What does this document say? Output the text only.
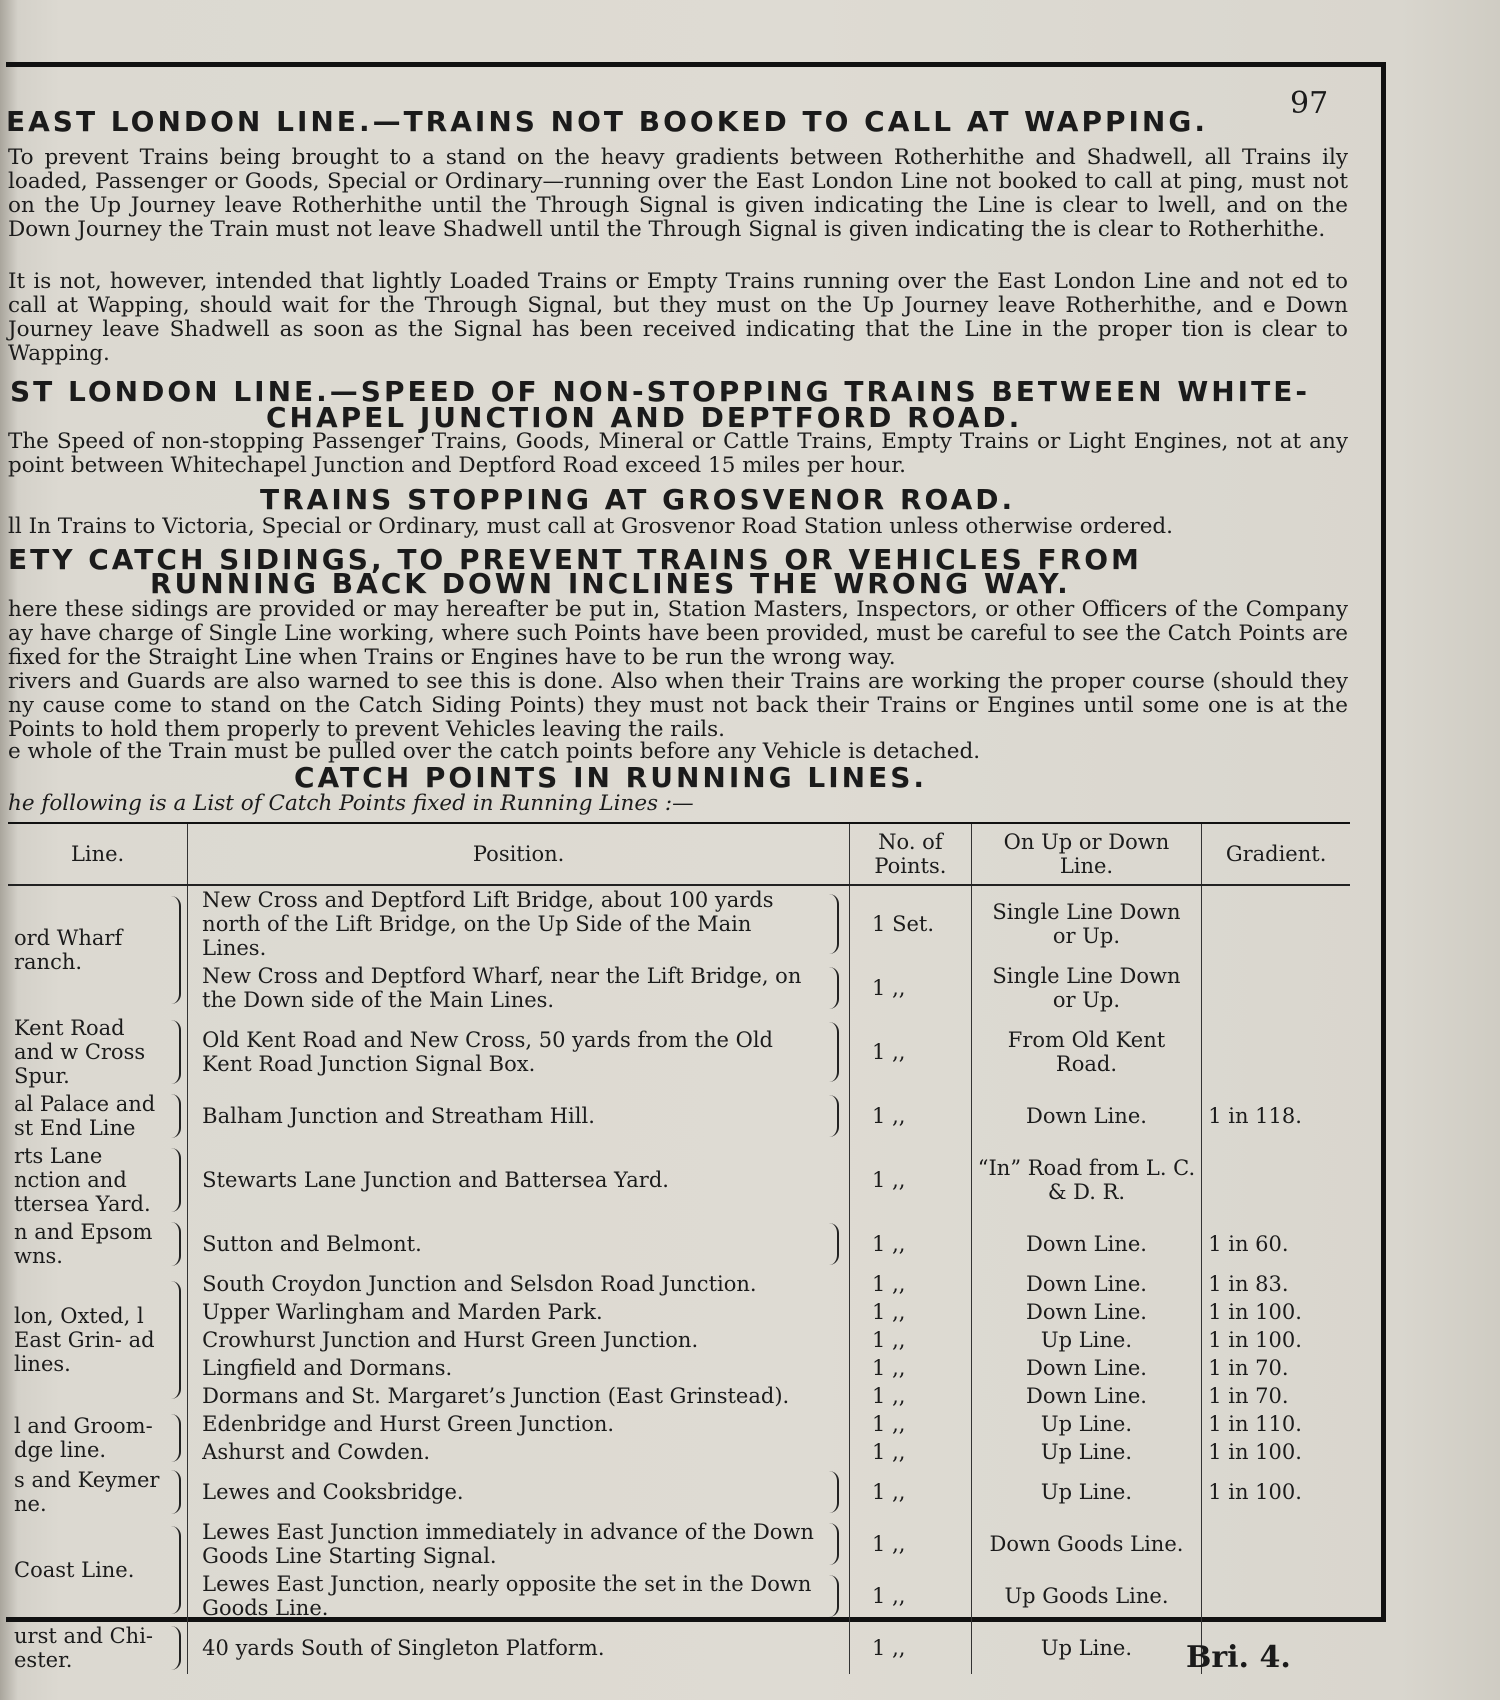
97
EAST LONDON LINE.—TRAINS NOT BOOKED TO CALL AT WAPPING.

To prevent Trains being brought to a stand on the heavy gradients between Rotherhithe and Shadwell, all Trains ily loaded, Passenger or Goods, Special or Ordinary—running over the East London Line not booked to call at ping, must not on the Up Journey leave Rotherhithe until the Through Signal is given indicating the Line is clear to lwell, and on the Down Journey the Train must not leave Shadwell until the Through Signal is given indicating the is clear to Rotherhithe.

It is not, however, intended that lightly Loaded Trains or Empty Trains running over the East London Line and not ed to call at Wapping, should wait for the Through Signal, but they must on the Up Journey leave Rotherhithe, and e Down Journey leave Shadwell as soon as the Signal has been received indicating that the Line in the proper tion is clear to Wapping.

ST LONDON LINE.—SPEED OF NON-STOPPING TRAINS BETWEEN WHITE-
CHAPEL JUNCTION AND DEPTFORD ROAD.

The Speed of non-stopping Passenger Trains, Goods, Mineral or Cattle Trains, Empty Trains or Light Engines, not at any point between Whitechapel Junction and Deptford Road exceed 15 miles per hour.

TRAINS STOPPING AT GROSVENOR ROAD.

ll In Trains to Victoria, Special or Ordinary, must call at Grosvenor Road Station unless otherwise ordered.

ETY CATCH SIDINGS, TO PREVENT TRAINS OR VEHICLES FROM
RUNNING BACK DOWN INCLINES THE WRONG WAY.

here these sidings are provided or may hereafter be put in, Station Masters, Inspectors, or other Officers of the Company ay have charge of Single Line working, where such Points have been provided, must be careful to see the Catch Points are fixed for the Straight Line when Trains or Engines have to be run the wrong way.

rivers and Guards are also warned to see this is done. Also when their Trains are working the proper course (should they ny cause come to stand on the Catch Siding Points) they must not back their Trains or Engines until some one is at the Points to hold them properly to prevent Vehicles leaving the rails.

e whole of the Train must be pulled over the catch points before any Vehicle is detached.

CATCH POINTS IN RUNNING LINES.

he following is a List of Catch Points fixed in Running Lines :—

Line.	Position.	No. of Points.	On Up or Down Line.	Gradient.
ord Wharf ranch.	New Cross and Deptford Lift Bridge, about 100 yards north of the Lift Bridge, on the Up Side of the Main Lines.	1 Set.	Single Line Down or Up.	
	New Cross and Deptford Wharf, near the Lift Bridge, on the Down side of the Main Lines.	1 ,,	Single Line Down or Up.	
Kent Road and w Cross Spur.	Old Kent Road and New Cross, 50 yards from the Old Kent Road Junction Signal Box.	1 ,,	From Old Kent Road.	
al Palace and st End Line	Balham Junction and Streatham Hill.	1 ,,	Down Line.	1 in 118.
rts Lane nction and ttersea Yard.	Stewarts Lane Junction and Battersea Yard.	1 ,,	“In” Road from L. C. & D. R.	
n and Epsom wns.	Sutton and Belmont.	1 ,,	Down Line.	1 in 60.
lon, Oxted, l East Grin- ad lines.	South Croydon Junction and Selsdon Road Junction.	1 ,,	Down Line.	1 in 83.
	Upper Warlingham and Marden Park.	1 ,,	Down Line.	1 in 100.
	Crowhurst Junction and Hurst Green Junction.	1 ,,	Up Line.	1 in 100.
	Lingfield and Dormans.	1 ,,	Down Line.	1 in 70.
	Dormans and St. Margaret’s Junction (East Grinstead).	1 ,,	Down Line.	1 in 70.
l and Groom- dge line.	Edenbridge and Hurst Green Junction.	1 ,,	Up Line.	1 in 110.
	Ashurst and Cowden.	1 ,,	Up Line.	1 in 100.
s and Keymer ne.	Lewes and Cooksbridge.	1 ,,	Up Line.	1 in 100.
Coast Line.	Lewes East Junction immediately in advance of the Down Goods Line Starting Signal.	1 ,,	Down Goods Line.	
	Lewes East Junction, nearly opposite the set in the Down Goods Line.	1 ,,	Up Goods Line.	
urst and Chi- ester.	40 yards South of Singleton Platform.	1 ,,	Up Line.	Bri. 4.
